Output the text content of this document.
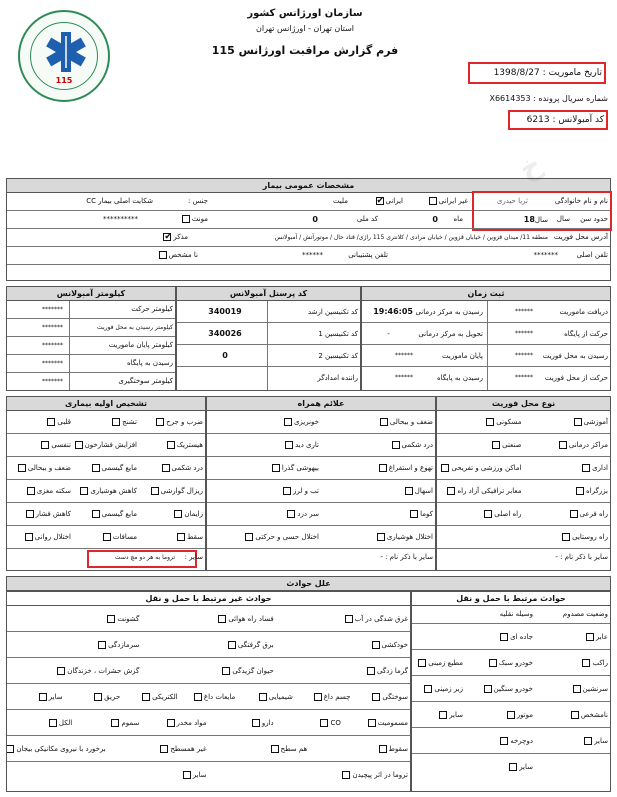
115
سازمان اورژانس کشور
استان تهران - اورژانس تهران
فرم گزارش مراقبت اورژانس 115
تاریخ ماموریت : 1398/8/27
شماره سریال پرونده : X6614353
کد آمبولانس : 6213
مشخصات عمومی بیمار
نام و نام خانوادگی
ثریا حیدری
ملیت	ایرانی✔	غیر ایرانی
جنس :
شکایت اصلی بیمار CC
حدود سن
سال
سال18
ماه
0
کد ملی
0
مونث
**********
آدرس محل فوریت
منطقه 11/ میدان قزوین / خیابان قزوین / خیابان مرادی / کلانتری 115 راژی/ قناد حال / موتورآتش / آمبولانس
مذکر✔
تلفن اصلی
*******
تلفن پشتیبانی
******
نا مشخص
کیلومتر آمبولانس	کد پرسنل آمبولانس	ثبت زمان
کیلومتر حرکت
*******
کیلومتر رسیدن به محل فوریت
*******
کیلومتر پایان ماموریت
*******
رسیدن به پایگاه
*******
کیلومتر سوختگیری
*******
کد تکنیسین ارشد
340019
کد تکنیسین 1
340026
کد تکنیسین 2
0
راننده امدادگر
دریافت ماموریت
******
رسیدن به مرکز درمانی
19:46:05
حرکت از پایگاه
******
تحویل به مرکز درمانی
-
رسیدن به محل فوریت
******
پایان ماموریت
******
حرکت از محل فوریت
******
رسیدن به پایگاه
******
تشخیص اولیه بیماری	علائم همراه	نوع محل فوریت
ضرب و جرح
تشنج
قلبی
هیستریک
افزایش فشارخون
تنفسی
درد شکمی
مایع گیسمی
ضعف و بیحالی
ریزال گوارشی
کاهش هوشیاری
سکته مغزی
زایمان
مایع گیسمی
کاهش فشار
سقط
مسافات
اختلال روانی
سایر :
تروما به هر دو مچ دست
ضعف و بیحالی
خونریزی
درد شکمی
تاری دید
تهوع و استفراغ
بیهوشی گذرا
اسهال
تب و لرز
کوما
سر درد
اختلال هوشیاری
اختلال حسی و حرکتی
سایر با ذکر نام : -
آموزشی
مسکونی
مراکز درمانی
صنعتی
اداری
اماکن ورزشی و تفریحی
بزرگراه
معابر ترافیکی آزاد راه
راه فرعی
راه اصلی
راه روستایی
سایر با ذکر نام : -
علل حوادث
حوادث غیر مرتبط با حمل و نقل	حوادث مرتبط با حمل و نقل
غرق شدگی در آب
فساد راه هوائی
گشونت
خودکشی
برق گرفتگی
سرمازدگی
گرما زدگی
حیوان گزیدگی
گزش حشرات ، خزندگان
سوختگی
چسم داغ
شیمیایی
مایعات داغ
الکتریکی
حریق
سایر
مسمومیت
CO
دارو
مواد مخدر
سموم
الکل
سقوط
هم سطح
غیر همسطح
برخورد با نیروی مکانیکی بیجان
تروما در اثر پیچیدن
سایر
وضعیت مصدوم
وسیله نقلیه
جاده ای	عابر
خودرو سبک	راکب
مطبع زمینی
خودرو سنگین	سرنشین
زیر زمینی
موتور	نامشخص
سایر
دوچرخه	سایر
سایر
خ
